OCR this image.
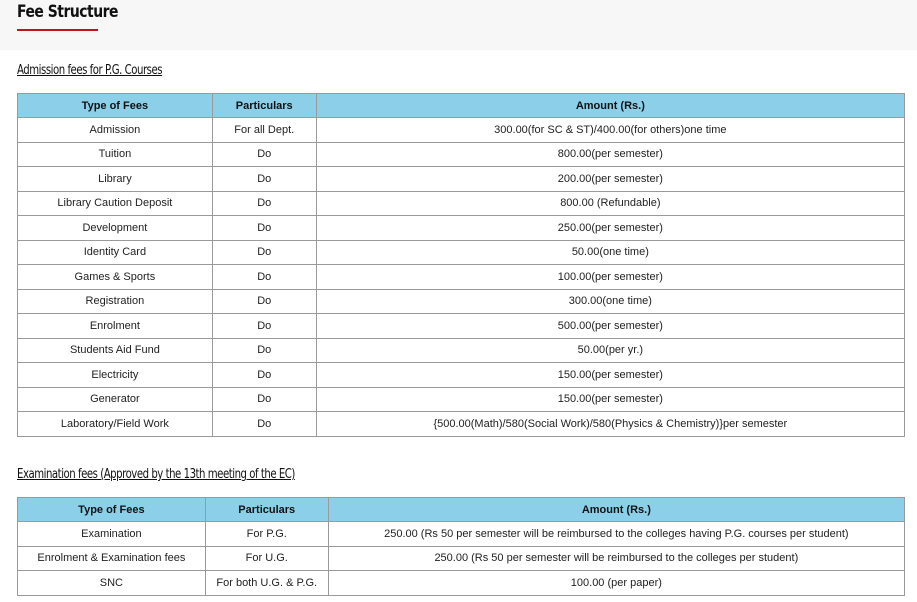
Fee Structure
Admission fees for P.G. Courses
Type of Fees	Particulars	Amount (Rs.)
Admission	For all Dept.	300.00(for SC & ST)/400.00(for others)one time
Tuition	Do	800.00(per semester)
Library	Do	200.00(per semester)
Library Caution Deposit	Do	800.00 (Refundable)
Development	Do	250.00(per semester)
Identity Card	Do	50.00(one time)
Games & Sports	Do	100.00(per semester)
Registration	Do	300.00(one time)
Enrolment	Do	500.00(per semester)
Students Aid Fund	Do	50.00(per yr.)
Electricity	Do	150.00(per semester)
Generator	Do	150.00(per semester)
Laboratory/Field Work	Do	{500.00(Math)/580(Social Work)/580(Physics & Chemistry)}per semester
Examination fees (Approved by the 13th meeting of the EC)
Type of Fees	Particulars	Amount (Rs.)
Examination	For P.G.	250.00 (Rs 50 per semester will be reimbursed to the colleges having P.G. courses per student)
Enrolment & Examination fees	For U.G.	250.00 (Rs 50 per semester will be reimbursed to the colleges per student)
SNC	For both U.G. & P.G.	100.00 (per paper)
